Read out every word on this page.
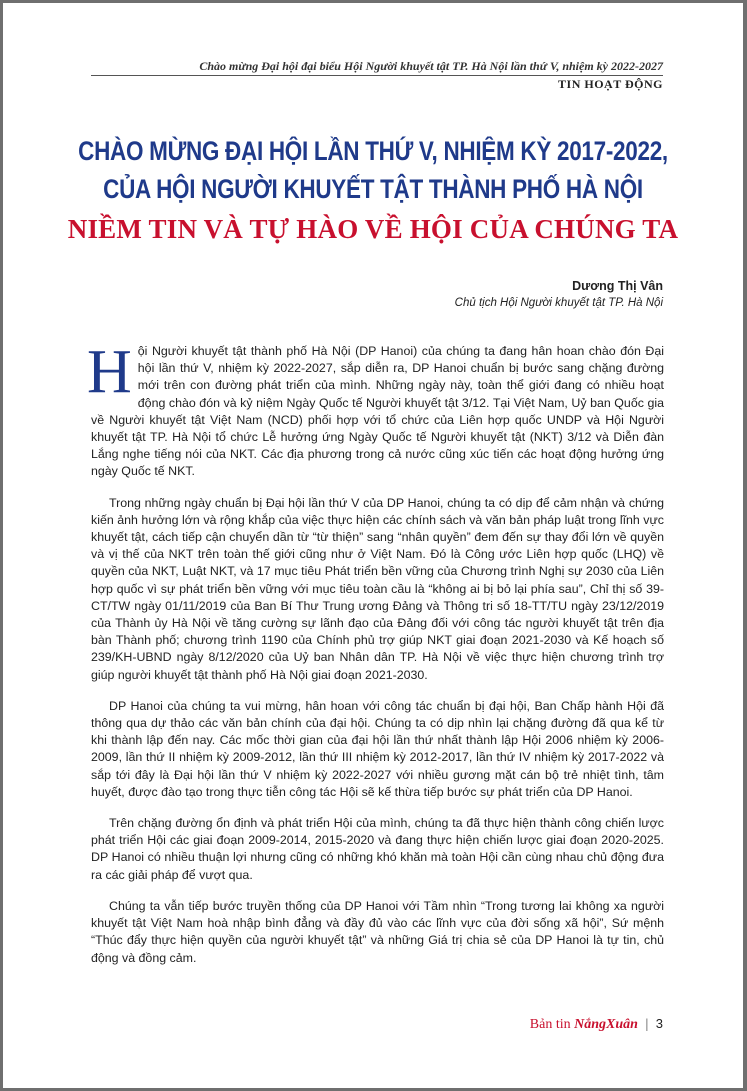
Chào mừng Đại hội đại biểu Hội Người khuyết tật TP. Hà Nội lần thứ V, nhiệm kỳ 2022-2027
TIN HOẠT ĐỘNG
CHÀO MỪNG ĐẠI HỘI LẦN THỨ V, NHIỆM KỲ 2017-2022,
CỦA HỘI NGƯỜI KHUYẾT TẬT THÀNH PHỐ HÀ NỘI
NIỀM TIN VÀ TỰ HÀO VỀ HỘI CỦA CHÚNG TA
Dương Thị Vân
Chủ tịch Hội Người khuyết tật TP. Hà Nội

Hội Người khuyết tật thành phố Hà Nội (DP Hanoi) của chúng ta đang hân hoan chào đón Đại hội lần thứ V, nhiệm kỳ 2022-2027, sắp diễn ra, DP Hanoi chuẩn bị bước sang chặng đường mới trên con đường phát triển của mình. Những ngày này, toàn thể giới đang có nhiều hoạt động chào đón và kỷ niệm Ngày Quốc tế Người khuyết tật 3/12. Tại Việt Nam, Uỷ ban Quốc gia về Người khuyết tật Việt Nam (NCD) phối hợp với tổ chức của Liên hợp quốc UNDP và Hội Người khuyết tật TP. Hà Nội tổ chức Lễ hưởng ứng Ngày Quốc tế Người khuyết tật (NKT) 3/12 và Diễn đàn Lắng nghe tiếng nói của NKT. Các địa phương trong cả nước cũng xúc tiến các hoạt động hưởng ứng ngày Quốc tế NKT.

Trong những ngày chuẩn bị Đại hội lần thứ V của DP Hanoi, chúng ta có dịp để cảm nhận và chứng kiến ảnh hưởng lớn và rộng khắp của việc thực hiện các chính sách và văn bản pháp luật trong lĩnh vực khuyết tật, cách tiếp cận chuyển dần từ “từ thiện” sang “nhân quyền” đem đến sự thay đổi lớn về quyền và vị thế của NKT trên toàn thế giới cũng như ở Việt Nam. Đó là Công ước Liên hợp quốc (LHQ) về quyền của NKT, Luật NKT, và 17 mục tiêu Phát triển bền vững của Chương trình Nghị sự 2030 của Liên hợp quốc vì sự phát triển bền vững với mục tiêu toàn cầu là “không ai bị bỏ lại phía sau”, Chỉ thị số 39-CT/TW ngày 01/11/2019 của Ban Bí Thư Trung ương Đảng và Thông tri số 18-TT/TU ngày 23/12/2019 của Thành ủy Hà Nội về tăng cường sự lãnh đạo của Đảng đối với công tác người khuyết tật trên địa bàn Thành phố; chương trình 1190 của Chính phủ trợ giúp NKT giai đoạn 2021-2030 và Kế hoạch số 239/KH-UBND ngày 8/12/2020 của Uỷ ban Nhân dân TP. Hà Nội về việc thực hiện chương trình trợ giúp người khuyết tật thành phố Hà Nội giai đoạn 2021-2030.

DP Hanoi của chúng ta vui mừng, hân hoan với công tác chuẩn bị đại hội, Ban Chấp hành Hội đã thông qua dự thảo các văn bản chính của đại hội. Chúng ta có dịp nhìn lại chặng đường đã qua kể từ khi thành lập đến nay. Các mốc thời gian của đại hội lần thứ nhất thành lập Hội 2006 nhiệm kỳ 2006-2009, lần thứ II nhiệm kỳ 2009-2012, lần thứ III nhiệm kỳ 2012-2017, lần thứ IV nhiệm kỳ 2017-2022 và sắp tới đây là Đại hội lần thứ V nhiệm kỳ 2022-2027 với nhiều gương mặt cán bộ trẻ nhiệt tình, tâm huyết, được đào tạo trong thực tiễn công tác Hội sẽ kế thừa tiếp bước sự phát triển của DP Hanoi.

Trên chặng đường ổn định và phát triển Hội của mình, chúng ta đã thực hiện thành công chiến lược phát triển Hội các giai đoạn 2009-2014, 2015-2020 và đang thực hiện chiến lược giai đoạn 2020-2025. DP Hanoi có nhiều thuận lợi nhưng cũng có những khó khăn mà toàn Hội cần cùng nhau chủ động đưa ra các giải pháp để vượt qua.

Chúng ta vẫn tiếp bước truyền thống của DP Hanoi với Tầm nhìn “Trong tương lai không xa người khuyết tật Việt Nam hoà nhập bình đẳng và đầy đủ vào các lĩnh vực của đời sống xã hội”, Sứ mệnh “Thúc đẩy thực hiện quyền của người khuyết tật” và những Giá trị chia sẻ của DP Hanoi là tự tin, chủ động và đồng cảm.

Bản tin NắngXuân | 3
